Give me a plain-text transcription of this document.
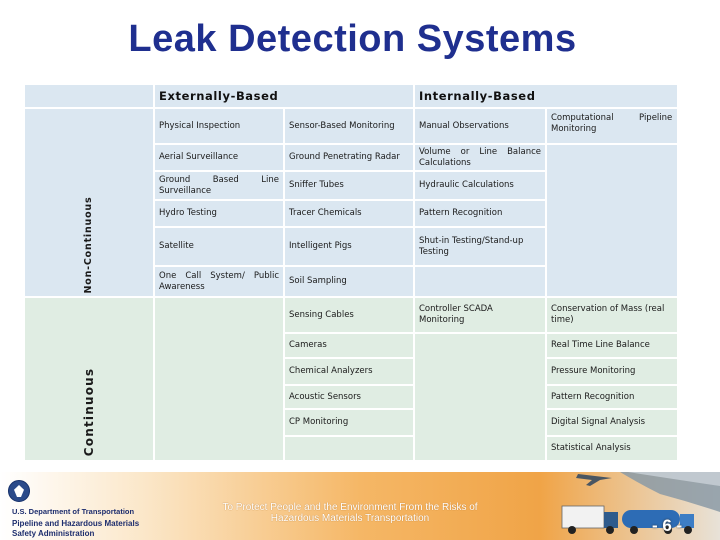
Leak Detection Systems
Non-Continuous
Continuous
Externally-Based	Internally-Based
Physical Inspection
Aerial Surveillance
Ground Based Line Surveillance
Hydro Testing
Satellite
One Call System/ Public Awareness
Sensor-Based Monitoring
Ground Penetrating Radar
Sniffer Tubes
Tracer Chemicals
Intelligent Pigs
Soil Sampling
Sensing Cables
Cameras
Chemical Analyzers
Acoustic Sensors
CP Monitoring
Manual Observations
Volume or Line Balance Calculations
Hydraulic Calculations
Pattern Recognition
Shut-in Testing/Stand-up Testing
Controller SCADA Monitoring
Computational Monitoring
Pipeline
Conservation of Mass (real time)
Real Time Line Balance
Pressure Monitoring
Pattern Recognition
Digital Signal Analysis
Statistical Analysis
U.S. Department of Transportation
Pipeline and Hazardous Materials
Safety Administration
To Protect People and the Environment From the Risks of
Hazardous Materials Transportation	- 6 -
